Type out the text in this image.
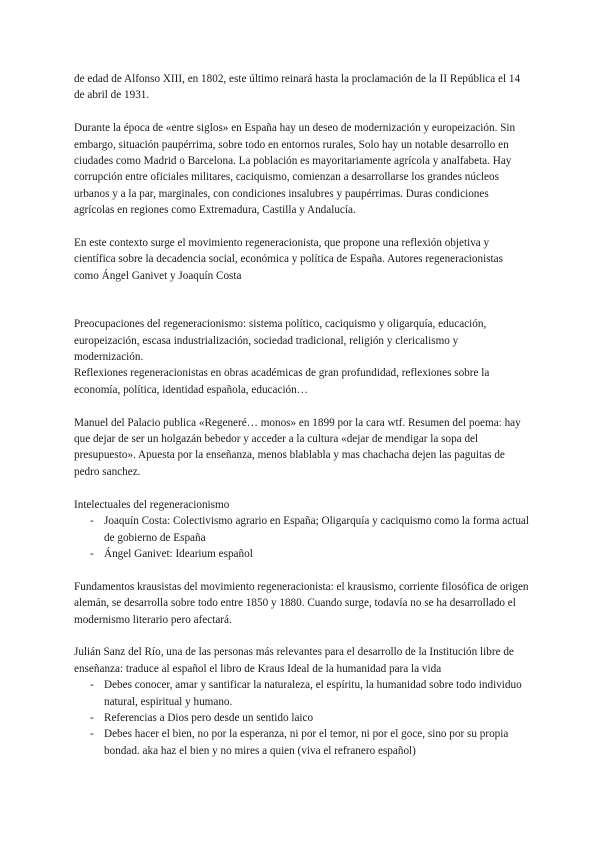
de edad de Alfonso XIII, en 1802, este último reinará hasta la proclamación de la II República el 14 de abril de 1931.

Durante la época de «entre siglos» en España hay un deseo de modernización y europeización. Sin embargo, situación paupérrima, sobre todo en entornos rurales, Solo hay un notable desarrollo en ciudades como Madrid o Barcelona. La población es mayoritariamente agrícola y analfabeta. Hay corrupción entre oficiales militares, caciquismo, comienzan a desarrollarse los grandes núcleos urbanos y a la par, marginales, con condiciones insalubres y paupérrimas. Duras condiciones agrícolas en regiones como Extremadura, Castilla y Andalucía.

En este contexto surge el movimiento regeneracionista, que propone una reflexión objetiva y científica sobre la decadencia social, económica y política de España. Autores regeneracionistas como Ángel Ganivet y Joaquín Costa

Preocupaciones del regeneracionismo: sistema político, caciquismo y oligarquía, educación, europeización, escasa industrialización, sociedad tradicional, religión y clericalismo y modernización.

Reflexiones regeneracionistas en obras académicas de gran profundidad, reflexiones sobre la economía, política, identidad española, educación…

Manuel del Palacio publica «Regeneré… monos» en 1899 por la cara wtf. Resumen del poema: hay que dejar de ser un holgazán bebedor y acceder a la cultura «dejar de mendigar la sopa del presupuesto». Apuesta por la enseñanza, menos blablabla y mas chachacha dejen las paguitas de pedro sanchez.

Intelectuales del regeneracionismo

- Joaquín Costa: Colectivismo agrario en España; Oligarquía y caciquismo como la forma actual de gobierno de España
- Ángel Ganivet: Idearium español

Fundamentos krausistas del movimiento regeneracionista: el krausismo, corriente filosófica de origen alemán, se desarrolla sobre todo entre 1850 y 1880. Cuando surge, todavía no se ha desarrollado el modernismo literario pero afectará.

Julián Sanz del Río, una de las personas más relevantes para el desarrollo de la Institución libre de enseñanza: traduce al español el libro de Kraus Ideal de la humanidad para la vida

- Debes conocer, amar y santificar la naturaleza, el espíritu, la humanidad sobre todo individuo natural, espiritual y humano.
- Referencias a Dios pero desde un sentido laico
- Debes hacer el bien, no por la esperanza, ni por el temor, ni por el goce, sino por su propia bondad. aka haz el bien y no mires a quien (viva el refranero español)
